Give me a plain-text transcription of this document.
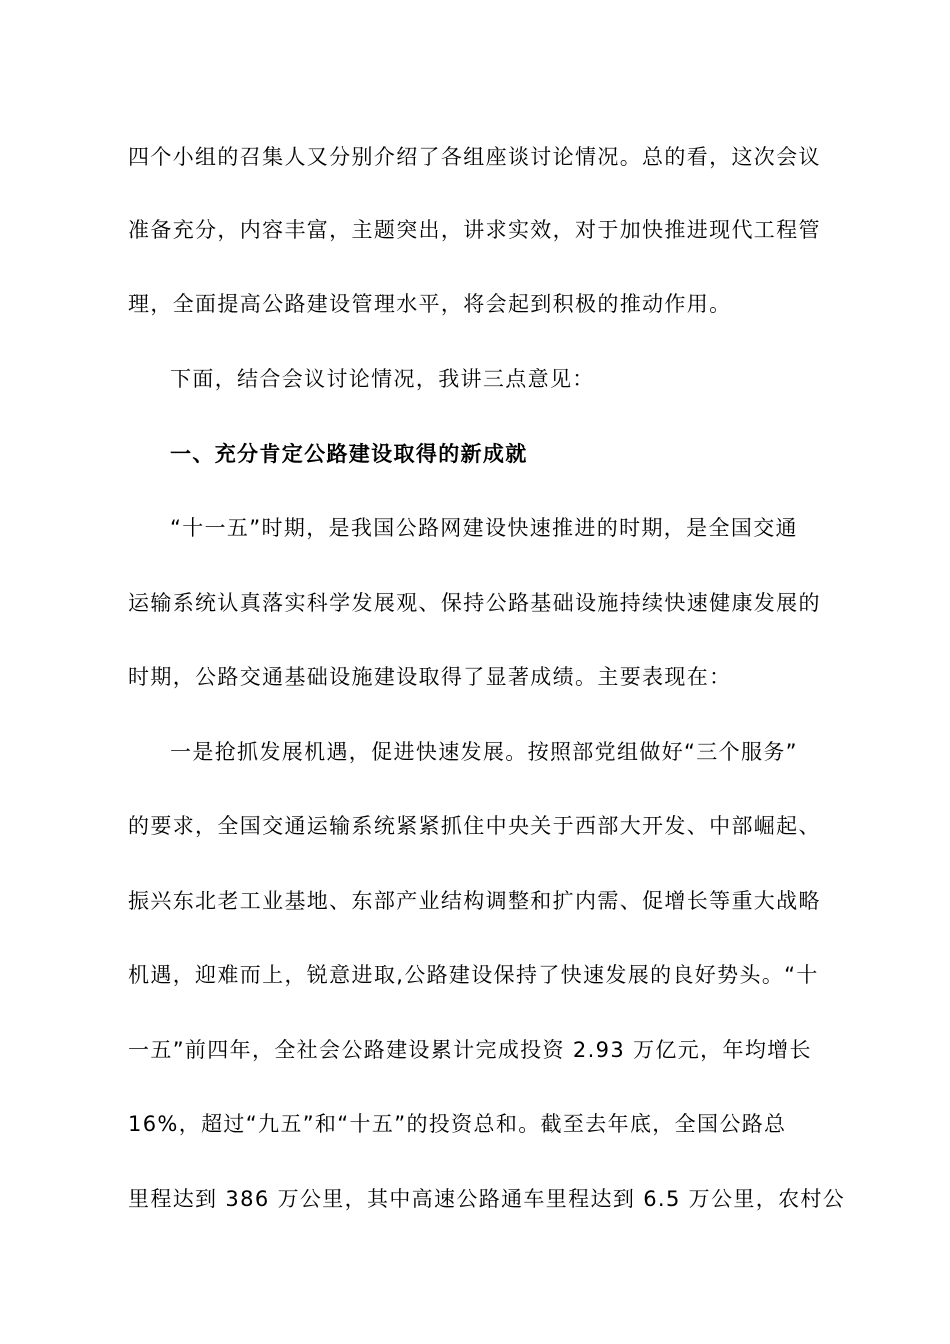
四个小组的召集人又分别介绍了各组座谈讨论情况。总的看，这次会议
准备充分，内容丰富，主题突出，讲求实效，对于加快推进现代工程管
理，全面提高公路建设管理水平，将会起到积极的推动作用。
下面，结合会议讨论情况，我讲三点意见：
一、充分肯定公路建设取得的新成就
“十一五”时期，是我国公路网建设快速推进的时期，是全国交通
运输系统认真落实科学发展观、保持公路基础设施持续快速健康发展的
时期，公路交通基础设施建设取得了显著成绩。主要表现在：
一是抢抓发展机遇，促进快速发展。按照部党组做好“三个服务”
的要求，全国交通运输系统紧紧抓住中央关于西部大开发、中部崛起、
振兴东北老工业基地、东部产业结构调整和扩内需、促增长等重大战略
机遇，迎难而上，锐意进取,公路建设保持了快速发展的良好势头。“十
一五”前四年，全社会公路建设累计完成投资 2.93 万亿元，年均增长
16%，超过“九五”和“十五”的投资总和。截至去年底，全国公路总
里程达到 386 万公里，其中高速公路通车里程达到 6.5 万公里，农村公
